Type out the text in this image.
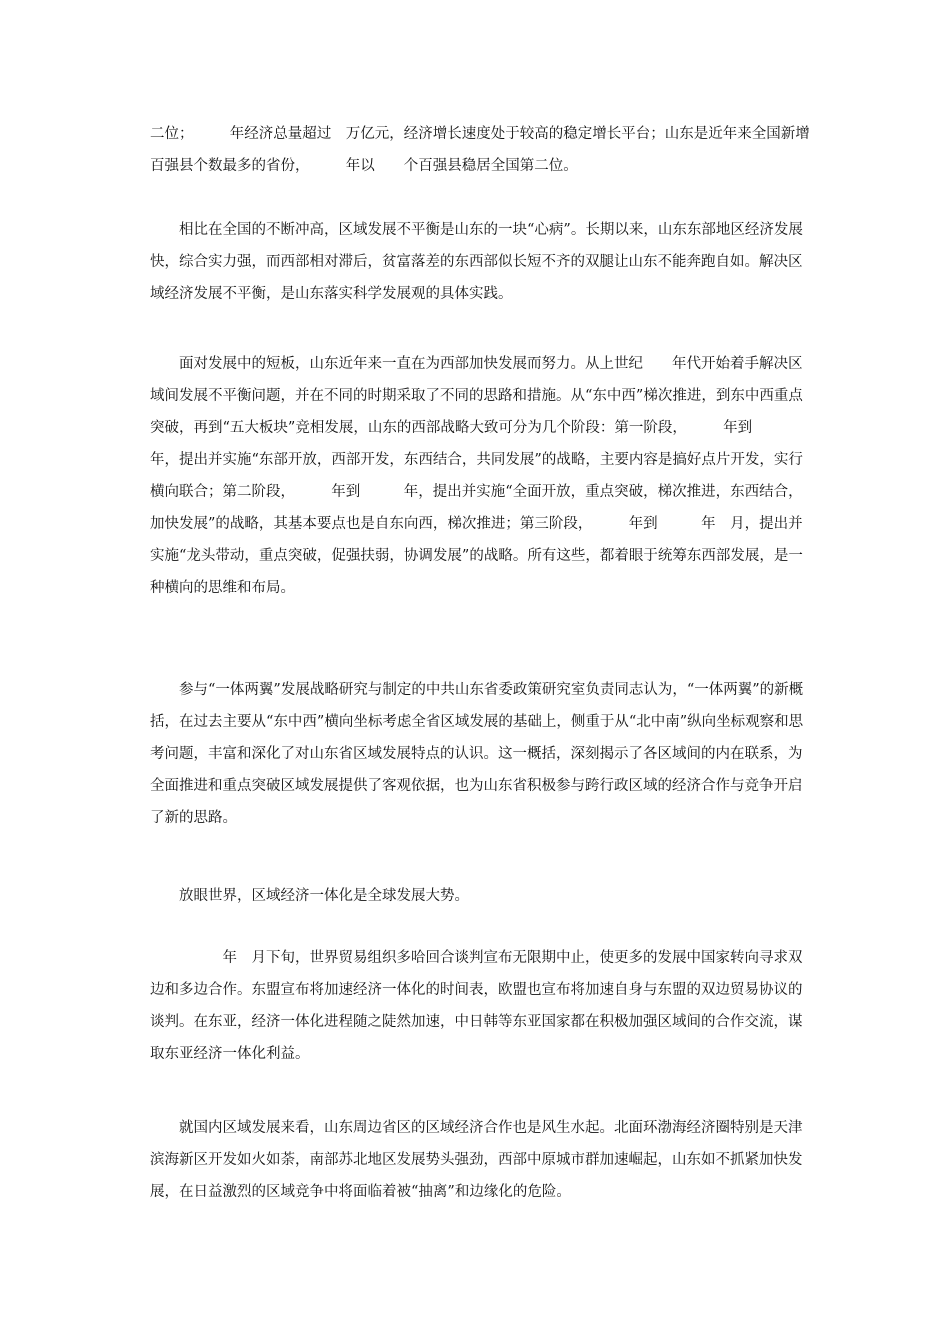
二位；　　　年经济总量超过　万亿元，经济增长速度处于较高的稳定增长平台；山东是近年来全国新增百强县个数最多的省份，　　　年以　　个百强县稳居全国第二位。

　　相比在全国的不断冲高，区域发展不平衡是山东的一块“心病”。长期以来，山东东部地区经济发展快，综合实力强，而西部相对滞后，贫富落差的东西部似长短不齐的双腿让山东不能奔跑自如。解决区域经济发展不平衡，是山东落实科学发展观的具体实践。

　　面对发展中的短板，山东近年来一直在为西部加快发展而努力。从上世纪　　年代开始着手解决区域间发展不平衡问题，并在不同的时期采取了不同的思路和措施。从“东中西”梯次推进，到东中西重点突破，再到“五大板块”竞相发展，山东的西部战略大致可分为几个阶段：第一阶段，　　　年到　　　年，提出并实施“东部开放，西部开发，东西结合，共同发展”的战略，主要内容是搞好点片开发，实行横向联合；第二阶段，　　　年到　　　年，提出并实施“全面开放，重点突破，梯次推进，东西结合，加快发展”的战略，其基本要点也是自东向西，梯次推进；第三阶段，　　　年到　　　年　月，提出并实施“龙头带动，重点突破，促强扶弱，协调发展”的战略。所有这些，都着眼于统筹东西部发展，是一种横向的思维和布局。

　　参与“一体两翼”发展战略研究与制定的中共山东省委政策研究室负责同志认为，“一体两翼”的新概括，在过去主要从“东中西”横向坐标考虑全省区域发展的基础上，侧重于从“北中南”纵向坐标观察和思考问题，丰富和深化了对山东省区域发展特点的认识。这一概括，深刻揭示了各区域间的内在联系，为全面推进和重点突破区域发展提供了客观依据，也为山东省积极参与跨行政区域的经济合作与竞争开启了新的思路。

　　放眼世界，区域经济一体化是全球发展大势。

　　　　　年　月下旬，世界贸易组织多哈回合谈判宣布无限期中止，使更多的发展中国家转向寻求双边和多边合作。东盟宣布将加速经济一体化的时间表，欧盟也宣布将加速自身与东盟的双边贸易协议的谈判。在东亚，经济一体化进程随之陡然加速，中日韩等东亚国家都在积极加强区域间的合作交流，谋取东亚经济一体化利益。

　　就国内区域发展来看，山东周边省区的区域经济合作也是风生水起。北面环渤海经济圈特别是天津滨海新区开发如火如荼，南部苏北地区发展势头强劲，西部中原城市群加速崛起，山东如不抓紧加快发展，在日益激烈的区域竞争中将面临着被“抽离”和边缘化的危险。
